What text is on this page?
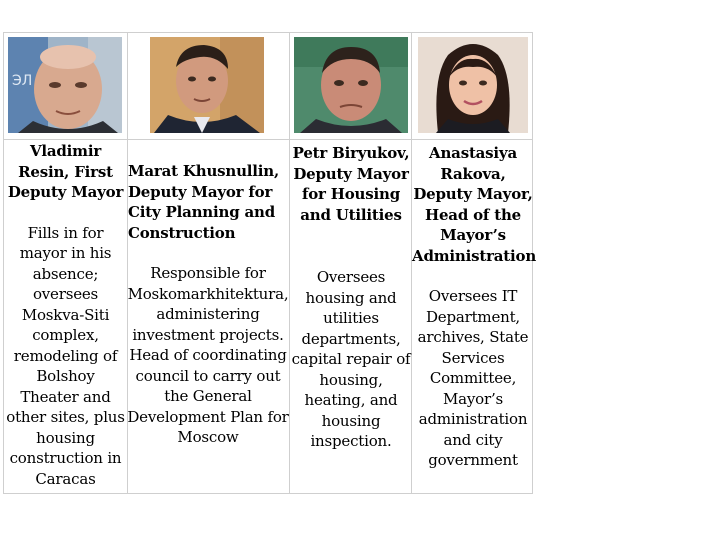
ЭЛ
Vladimir
Resin, First
Deputy Mayor
Fills in for
mayor in his
absence;
oversees
Moskva-Siti
complex,
remodeling of
Bolshoy
Theater and
other sites, plus
housing
construction in
Caracas
Marat Khusnullin,
Deputy Mayor for
City Planning and
Construction
Responsible for
Moskomarkhitektura,
administering
investment projects.
Head of coordinating
council to carry out
the General
Development Plan for
Moscow
Petr Biryukov,
Deputy Mayor
for Housing
and Utilities
Oversees
housing and
utilities
departments,
capital repair of
housing,
heating, and
housing
inspection.
Anastasiya
Rakova,
Deputy Mayor,
Head of the
Mayor’s
Administration
Oversees IT
Department,
archives, State
Services
Committee,
Mayor’s
administration
and city
government
